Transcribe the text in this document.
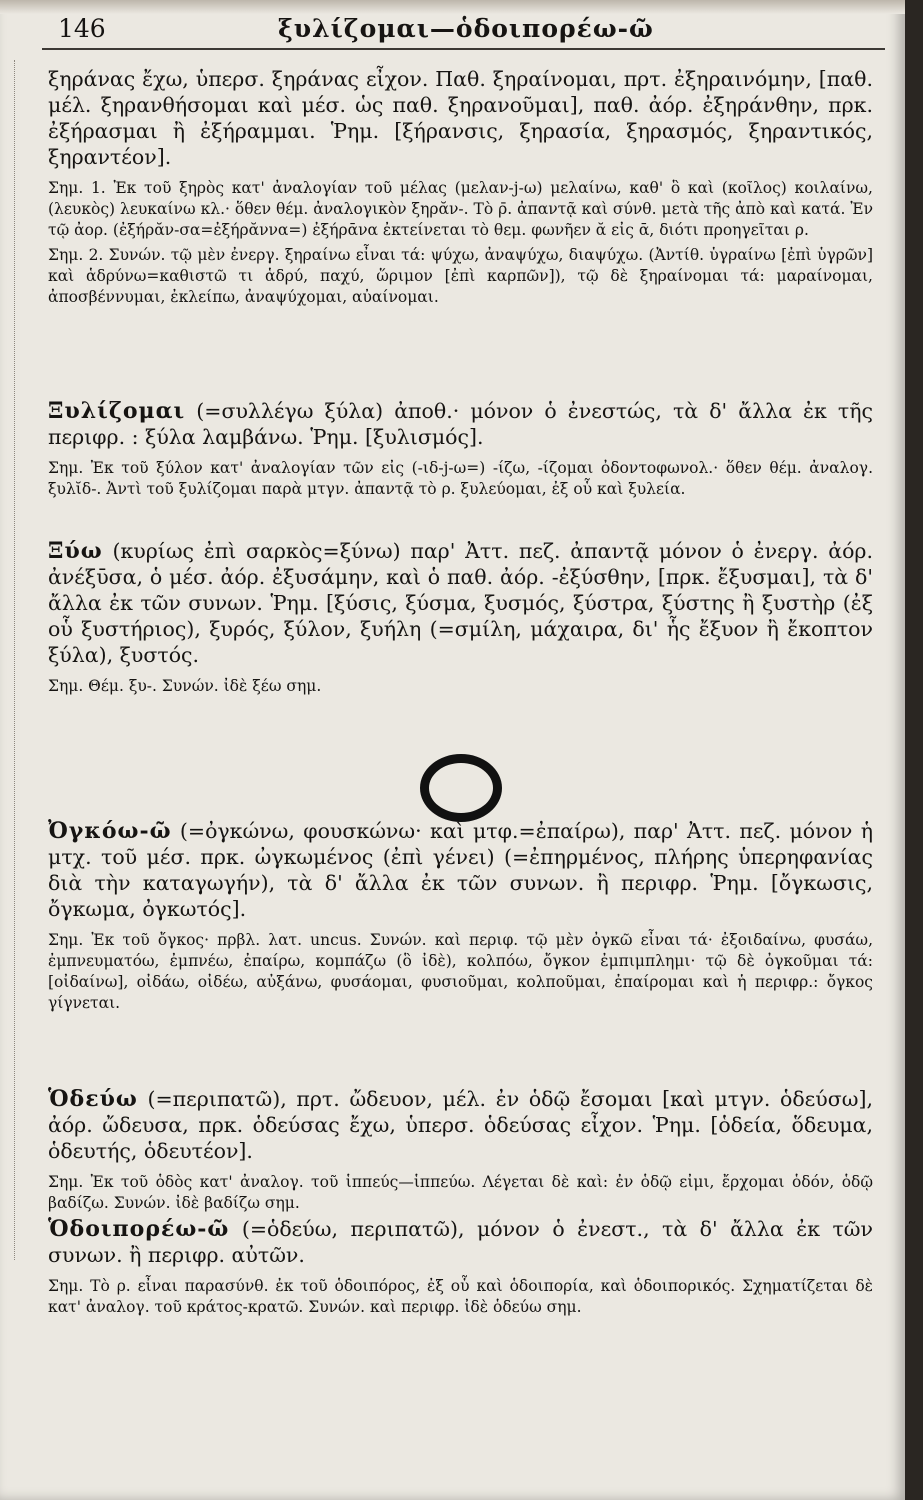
146	ξυλίζομαι—ὁδοιπορέω-ῶ

ξηράνας ἔχω, ὑπερσ. ξηράνας εἶχον. Παθ. ξηραίνομαι, πρτ. ἐξηραινόμην, [παθ. μέλ. ξηρανθήσομαι καὶ μέσ. ὡς παθ. ξηρανοῦμαι], παθ. ἀόρ. ἐξηράνθην, πρκ. ἐξήρασμαι ἢ ἐξήραμμαι. Ῥημ. [ξήρανσις, ξηρασία, ξηρασμός, ξηραντικός, ξηραντέον].

Σημ. 1. Ἐκ τοῦ ξηρὸς κατ' ἀναλογίαν τοῦ μέλας (μελαν-j-ω) μελαίνω, καθ' ὃ καὶ (κοῖλος) κοιλαίνω, (λευκὸς) λευκαίνω κλ.· ὅθεν θέμ. ἀναλογικὸν ξηρᾰν-. Τὸ ρ̄. ἀπαντᾷ καὶ σύνθ. μετὰ τῆς ἀπὸ καὶ κατά. Ἐν τῷ ἀορ. (ἐξήρᾰν-σα=ἐξήρᾰννα=) ἐξήρᾱνα ἐκτείνεται τὸ θεμ. φωνῆεν ᾰ εἰς ᾱ, διότι προηγεῖται ρ.

Σημ. 2. Συνών. τῷ μὲν ἐνεργ. ξηραίνω εἶναι τά: ψύχω, ἀναψύχω, διαψύχω. (Ἀντίθ. ὑγραίνω [ἐπὶ ὑγρῶν] καὶ ἁδρύνω=καθιστῶ τι ἁδρύ, παχύ, ὥριμον [ἐπὶ καρπῶν]), τῷ δὲ ξηραίνομαι τά: μαραίνομαι, ἀποσβέννυμαι, ἐκλείπω, ἀναψύχομαι, αὐαίνομαι.

Ξυλίζομαι (=συλλέγω ξύλα) ἀποθ.· μόνον ὁ ἐνεστώς, τὰ δ' ἄλλα ἐκ τῆς περιφρ. : ξύλα λαμβάνω. Ῥημ. [ξυλισμός].

Σημ. Ἐκ τοῦ ξύλον κατ' ἀναλογίαν τῶν εἰς (-ιδ-j-ω=) -ίζω, -ίζομαι ὀδοντοφωνολ.· ὅθεν θέμ. ἀναλογ. ξυλῐδ-. Ἀντὶ τοῦ ξυλίζομαι παρὰ μτγν. ἀπαντᾷ τὸ ρ. ξυλεύομαι, ἐξ οὗ καὶ ξυλεία.

Ξύω (κυρίως ἐπὶ σαρκὸς=ξύνω) παρ' Ἀττ. πεζ. ἀπαντᾷ μόνον ὁ ἐνεργ. ἀόρ. ἀνέξῡσα, ὁ μέσ. ἀόρ. ἐξυσάμην, καὶ ὁ παθ. ἀόρ. -ἐξύσθην, [πρκ. ἔξυσμαι], τὰ δ' ἄλλα ἐκ τῶν συνων. Ῥημ. [ξύσις, ξύσμα, ξυσμός, ξύστρα, ξύστης ἢ ξυστὴρ (ἐξ οὗ ξυστήριος), ξυρός, ξύλον, ξυήλη (=σμίλη, μάχαιρα, δι' ἧς ἔξυον ἢ ἔκοπτον ξύλα), ξυστός.

Σημ. Θέμ. ξυ-. Συνών. ἰδὲ ξέω σημ.

Ὀγκόω-ῶ (=ὀγκώνω, φουσκώνω· καὶ μτφ.=ἐπαίρω), παρ' Ἀττ. πεζ. μόνον ἡ μτχ. τοῦ μέσ. πρκ. ὠγκωμένος (ἐπὶ γένει) (=ἐπηρμένος, πλήρης ὑπερηφανίας διὰ τὴν καταγωγήν), τὰ δ' ἄλλα ἐκ τῶν συνων. ἢ περιφρ. Ῥημ. [ὄγκωσις, ὄγκωμα, ὀγκωτός].

Σημ. Ἐκ τοῦ ὄγκος· πρβλ. λατ. uncus. Συνών. καὶ περιφ. τῷ μὲν ὀγκῶ εἶναι τά· ἐξοιδαίνω, φυσάω, ἐμπνευματόω, ἐμπνέω, ἐπαίρω, κομπάζω (ὃ ἰδὲ), κολπόω, ὄγκον ἐμπιμπλημι· τῷ δὲ ὀγκοῦμαι τά: [οἰδαίνω], οἰδάω, οἰδέω, αὐξάνω, φυσάομαι, φυσιοῦμαι, κολποῦμαι, ἐπαίρομαι καὶ ἡ περιφρ.: ὄγκος γίγνεται.

Ὁδεύω (=περιπατῶ), πρτ. ὤδευον, μέλ. ἐν ὁδῷ ἔσομαι [καὶ μτγν. ὁδεύσω], ἀόρ. ὤδευσα, πρκ. ὁδεύσας ἔχω, ὑπερσ. ὁδεύσας εἶχον. Ῥημ. [ὁδεία, ὅδευμα, ὁδευτής, ὁδευτέον].

Σημ. Ἐκ τοῦ ὁδὸς κατ' ἀναλογ. τοῦ ἱππεύς—ἱππεύω. Λέγεται δὲ καὶ: ἐν ὁδῷ εἰμι, ἔρχομαι ὁδόν, ὁδῷ βαδίζω. Συνών. ἰδὲ βαδίζω σημ.

Ὁδοιπορέω-ῶ (=ὁδεύω, περιπατῶ), μόνον ὁ ἐνεστ., τὰ δ' ἄλλα ἐκ τῶν συνων. ἢ περιφρ. αὐτῶν.

Σημ. Τὸ ρ. εἶναι παρασύνθ. ἐκ τοῦ ὁδοιπόρος, ἐξ οὗ καὶ ὁδοιπορία, καὶ ὁδοιπορικός. Σχηματίζεται δὲ κατ' ἀναλογ. τοῦ κράτος-κρατῶ. Συνών. καὶ περιφρ. ἰδὲ ὁδεύω σημ.
